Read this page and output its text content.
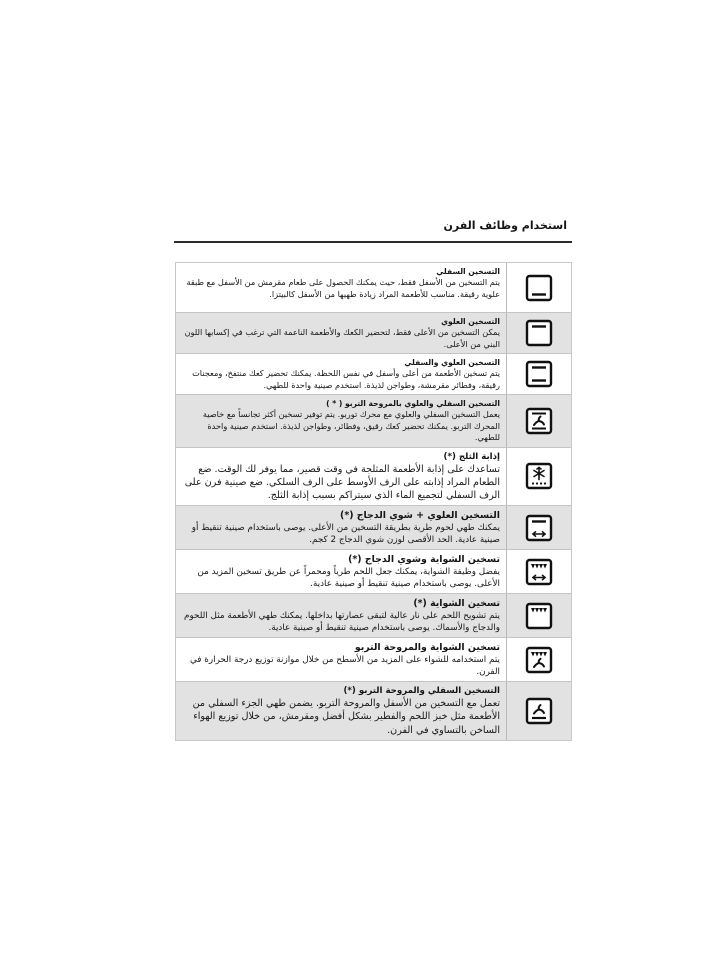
استخدام وظائف الفرن
التسخين السفلي
يتم التسخين من الأسفل فقط، حيث يمكنك الحصول على طعام مقرمش من الأسفل مع طبقة علوية رقيقة. مناسب للأطعمة المراد زيادة طهيها من الأسفل كالبيتزا.
التسخين العلوي
يمكن التسخين من الأعلى فقط، لتحضير الكعك والأطعمة الناعمة التي ترغب في إكسابها اللون البني من الأعلى.
التسخين العلوي والسفلي
يتم تسخين الأطعمة من أعلى وأسفل في نفس اللحظة. يمكنك تحضير كعك منتفخ، ومعجنات رقيقة، وفطائر مقرمشة، وطواجن لذيذة. استخدم صينية واحدة للطهي.
التسخين السفلي والعلوي بالمروحة التربو ( * )
يعمل التسخين السفلي والعلوي مع محرك توربو. يتم توفير تسخين أكثر تجانساً مع خاصية المحرك التربو. يمكنك تحضير كعك رقيق، وفطائر، وطواجن لذيذة. استخدم صينية واحدة للطهي.
إذابة الثلج (*)
تساعدك على إذابة الأطعمة المثلجة في وقت قصير، مما يوفر لك الوقت. ضع الطعام المراد إذابته على الرف الأوسط على الرف السلكي. ضع صينية فرن على الرف السفلي لتجميع الماء الذي سيتراكم بسبب إذابة الثلج.
التسخين العلوي + شوي الدجاج (*)
يمكنك طهي لحوم طرية بطريقة التسخين من الأعلى. يوصى باستخدام صينية تنقيط أو صينية عادية. الحد الأقصى لوزن شوي الدجاج 2 كجم.
تسخين الشواية وشوي الدجاج (*)
يفضل وظيفة الشواية، يمكنك جعل اللحم طرياً ومحمراً عن طريق تسخين المزيد من الأعلى. يوصى باستخدام صينية تنقيط أو صينية عادية.
تسخين الشواية (*)
يتم تشويح اللحم على نار عالية لتبقى عصارتها بداخلها. يمكنك طهي الأطعمة مثل اللحوم والدجاج والأسماك. يوصى باستخدام صينية تنقيط أو صينية عادية.
تسخين الشواية والمروحة التربو
يتم استخدامه للشواء على المزيد من الأسطح من خلال موازنة توزيع درجة الحرارة في الفرن.
التسخين السفلي والمروحة التربو (*)
تعمل مع التسخين من الأسفل والمروحة التربو. يضمن طهي الجزء السفلي من الأطعمة مثل خبز اللحم والفطير بشكل أفضل ومقرمش، من خلال توزيع الهواء الساخن بالتساوي في الفرن.
